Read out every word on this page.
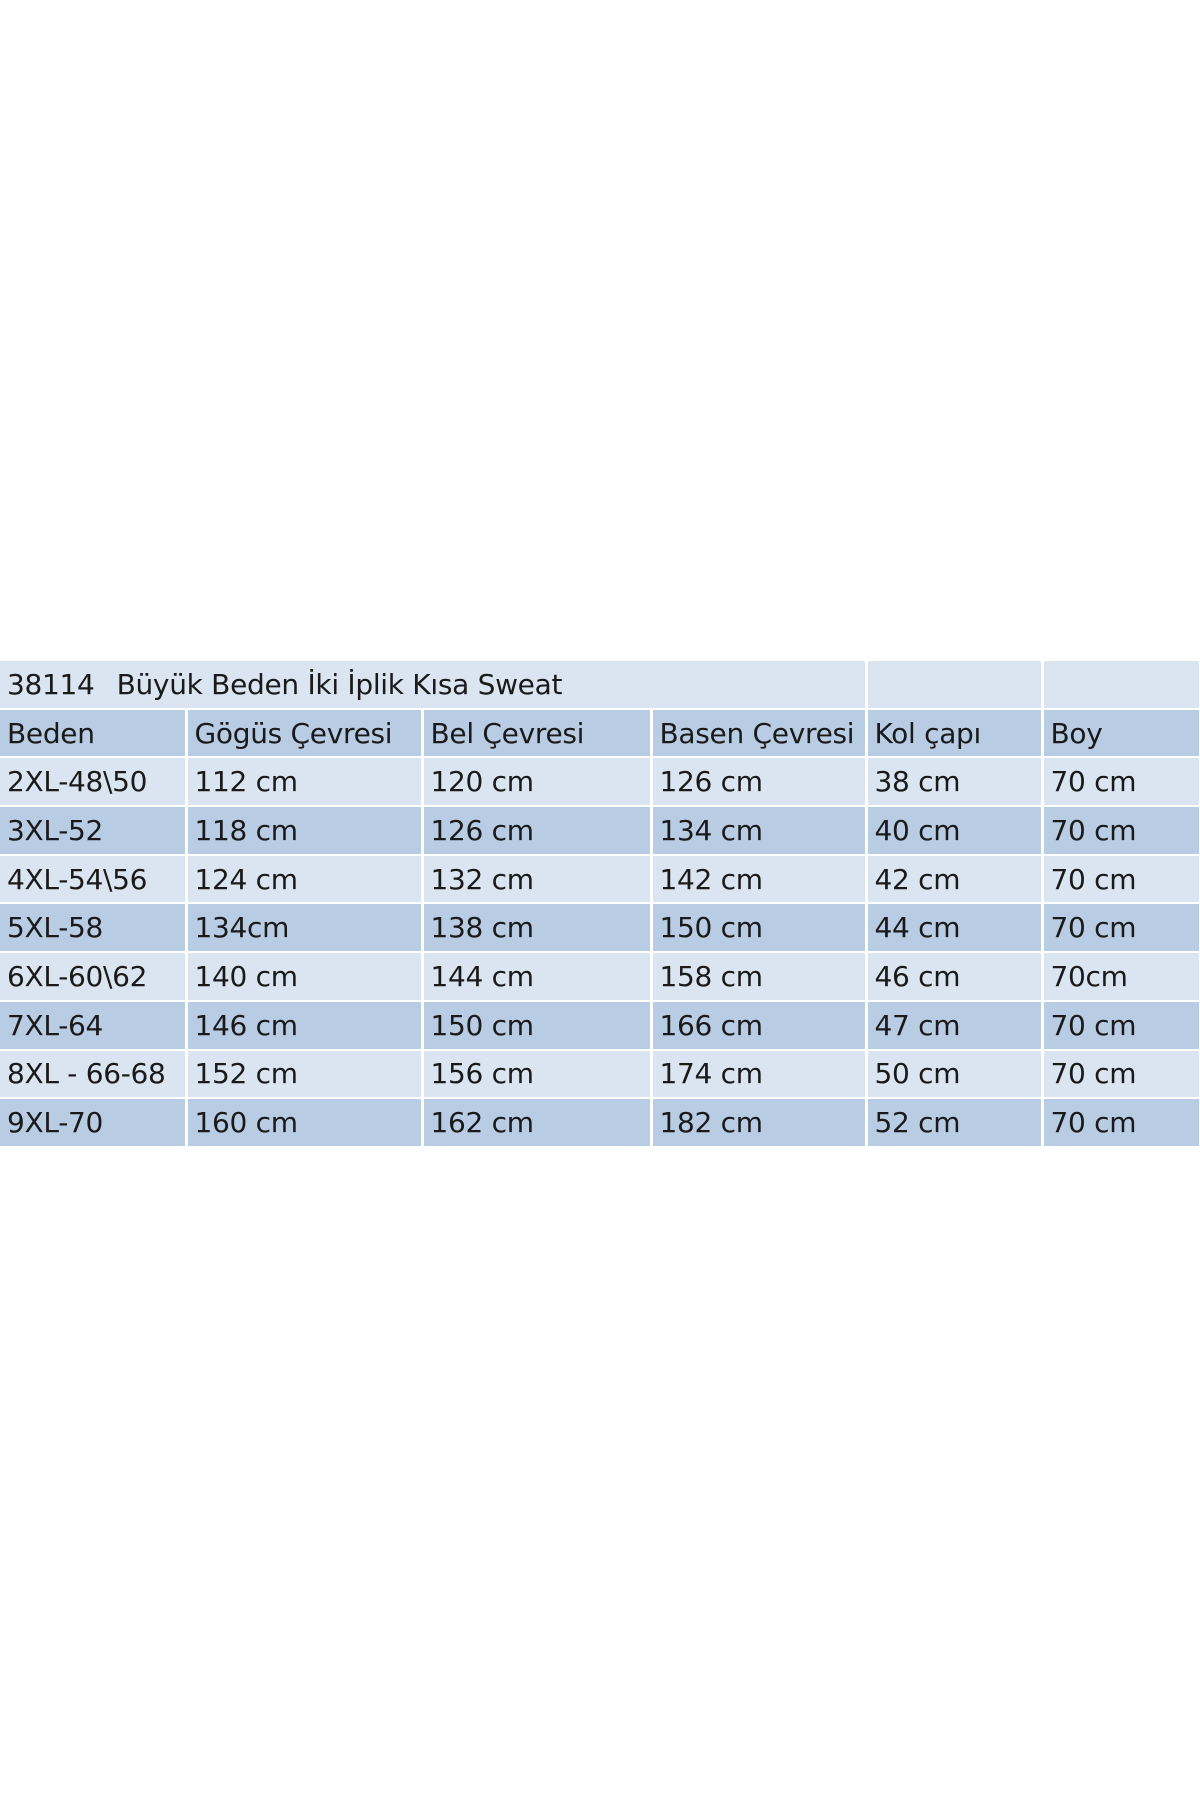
38114 Büyük Beden İki İplik Kısa Sweat					
Beden	Gögüs Çevresi	Bel Çevresi	Basen Çevresi	Kol çapı	Boy
2XL-48\50	112 cm	120 cm	126 cm	38 cm	70 cm
3XL-52	118 cm	126 cm	134 cm	40 cm	70 cm
4XL-54\56	124 cm	132 cm	142 cm	42 cm	70 cm
5XL-58	134cm	138 cm	150 cm	44 cm	70 cm
6XL-60\62	140 cm	144 cm	158 cm	46 cm	70cm
7XL-64	146 cm	150 cm	166 cm	47 cm	70 cm
8XL - 66-68	152 cm	156 cm	174 cm	50 cm	70 cm
9XL-70	160 cm	162 cm	182 cm	52 cm	70 cm
